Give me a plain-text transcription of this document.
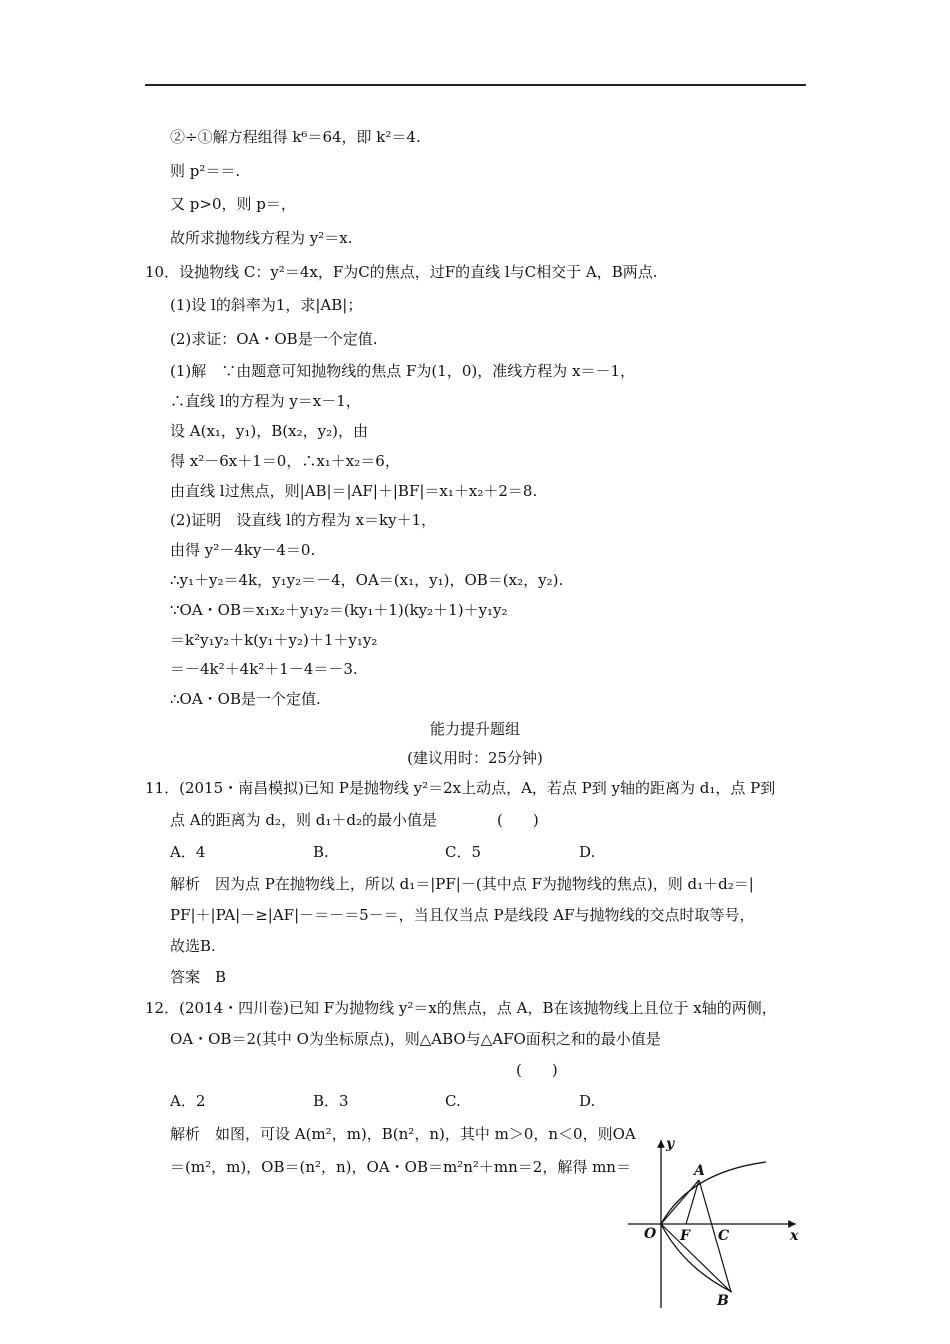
②÷①解方程组得 k⁶＝64，即 k²＝4.
则 p²＝＝.
又 p>0，则 p＝，
故所求抛物线方程为 y²＝x.
10．设抛物线 C：y²＝4x，F为C的焦点，过F的直线 l与C相交于 A，B两点.
(1)设 l的斜率为1，求|AB|；
(2)求证：OA・OB是一个定值.
(1)解　∵由题意可知抛物线的焦点 F为(1，0)，准线方程为 x＝－1，
∴直线 l的方程为 y＝x－1，
设 A(x₁，y₁)，B(x₂，y₂)，由
得 x²－6x＋1＝0，∴x₁＋x₂＝6，
由直线 l过焦点，则|AB|＝|AF|＋|BF|＝x₁＋x₂＋2＝8.
(2)证明　设直线 l的方程为 x＝ky＋1，
由得 y²－4ky－4＝0.
∴y₁＋y₂＝4k，y₁y₂＝－4，OA＝(x₁，y₁)，OB＝(x₂，y₂).
∵OA・OB＝x₁x₂＋y₁y₂＝(ky₁＋1)(ky₂＋1)＋y₁y₂
＝k²y₁y₂＋k(y₁＋y₂)＋1＋y₁y₂
＝－4k²＋4k²＋1－4＝－3.
∴OA・OB是一个定值.
能力提升题组
(建议用时：25分钟)
11．(2015・南昌模拟)已知 P是抛物线 y²＝2x上动点，A，若点 P到 y轴的距离为 d₁，点 P到
点 A的距离为 d₂，则 d₁＋d₂的最小值是　　　　(　　)
A．4	B.	C．5	D.
解析　因为点 P在抛物线上，所以 d₁＝|PF|－(其中点 F为抛物线的焦点)，则 d₁＋d₂＝|
PF|＋|PA|－≥|AF|－＝－＝5－＝，当且仅当点 P是线段 AF与抛物线的交点时取等号，
故选B.
答案　B
12．(2014・四川卷)已知 F为抛物线 y²＝x的焦点，点 A，B在该抛物线上且位于 x轴的两侧，
OA・OB＝2(其中 O为坐标原点)，则△ABO与△AFO面积之和的最小值是
(　　)
A．2	B．3	C.	D.
解析　如图，可设 A(m²，m)，B(n²，n)，其中 m＞0，n＜0，则OA
＝(m²，m)，OB＝(n²，n)，OA・OB＝m²n²＋mn＝2，解得 mn＝
y
x
O F C
A
B
